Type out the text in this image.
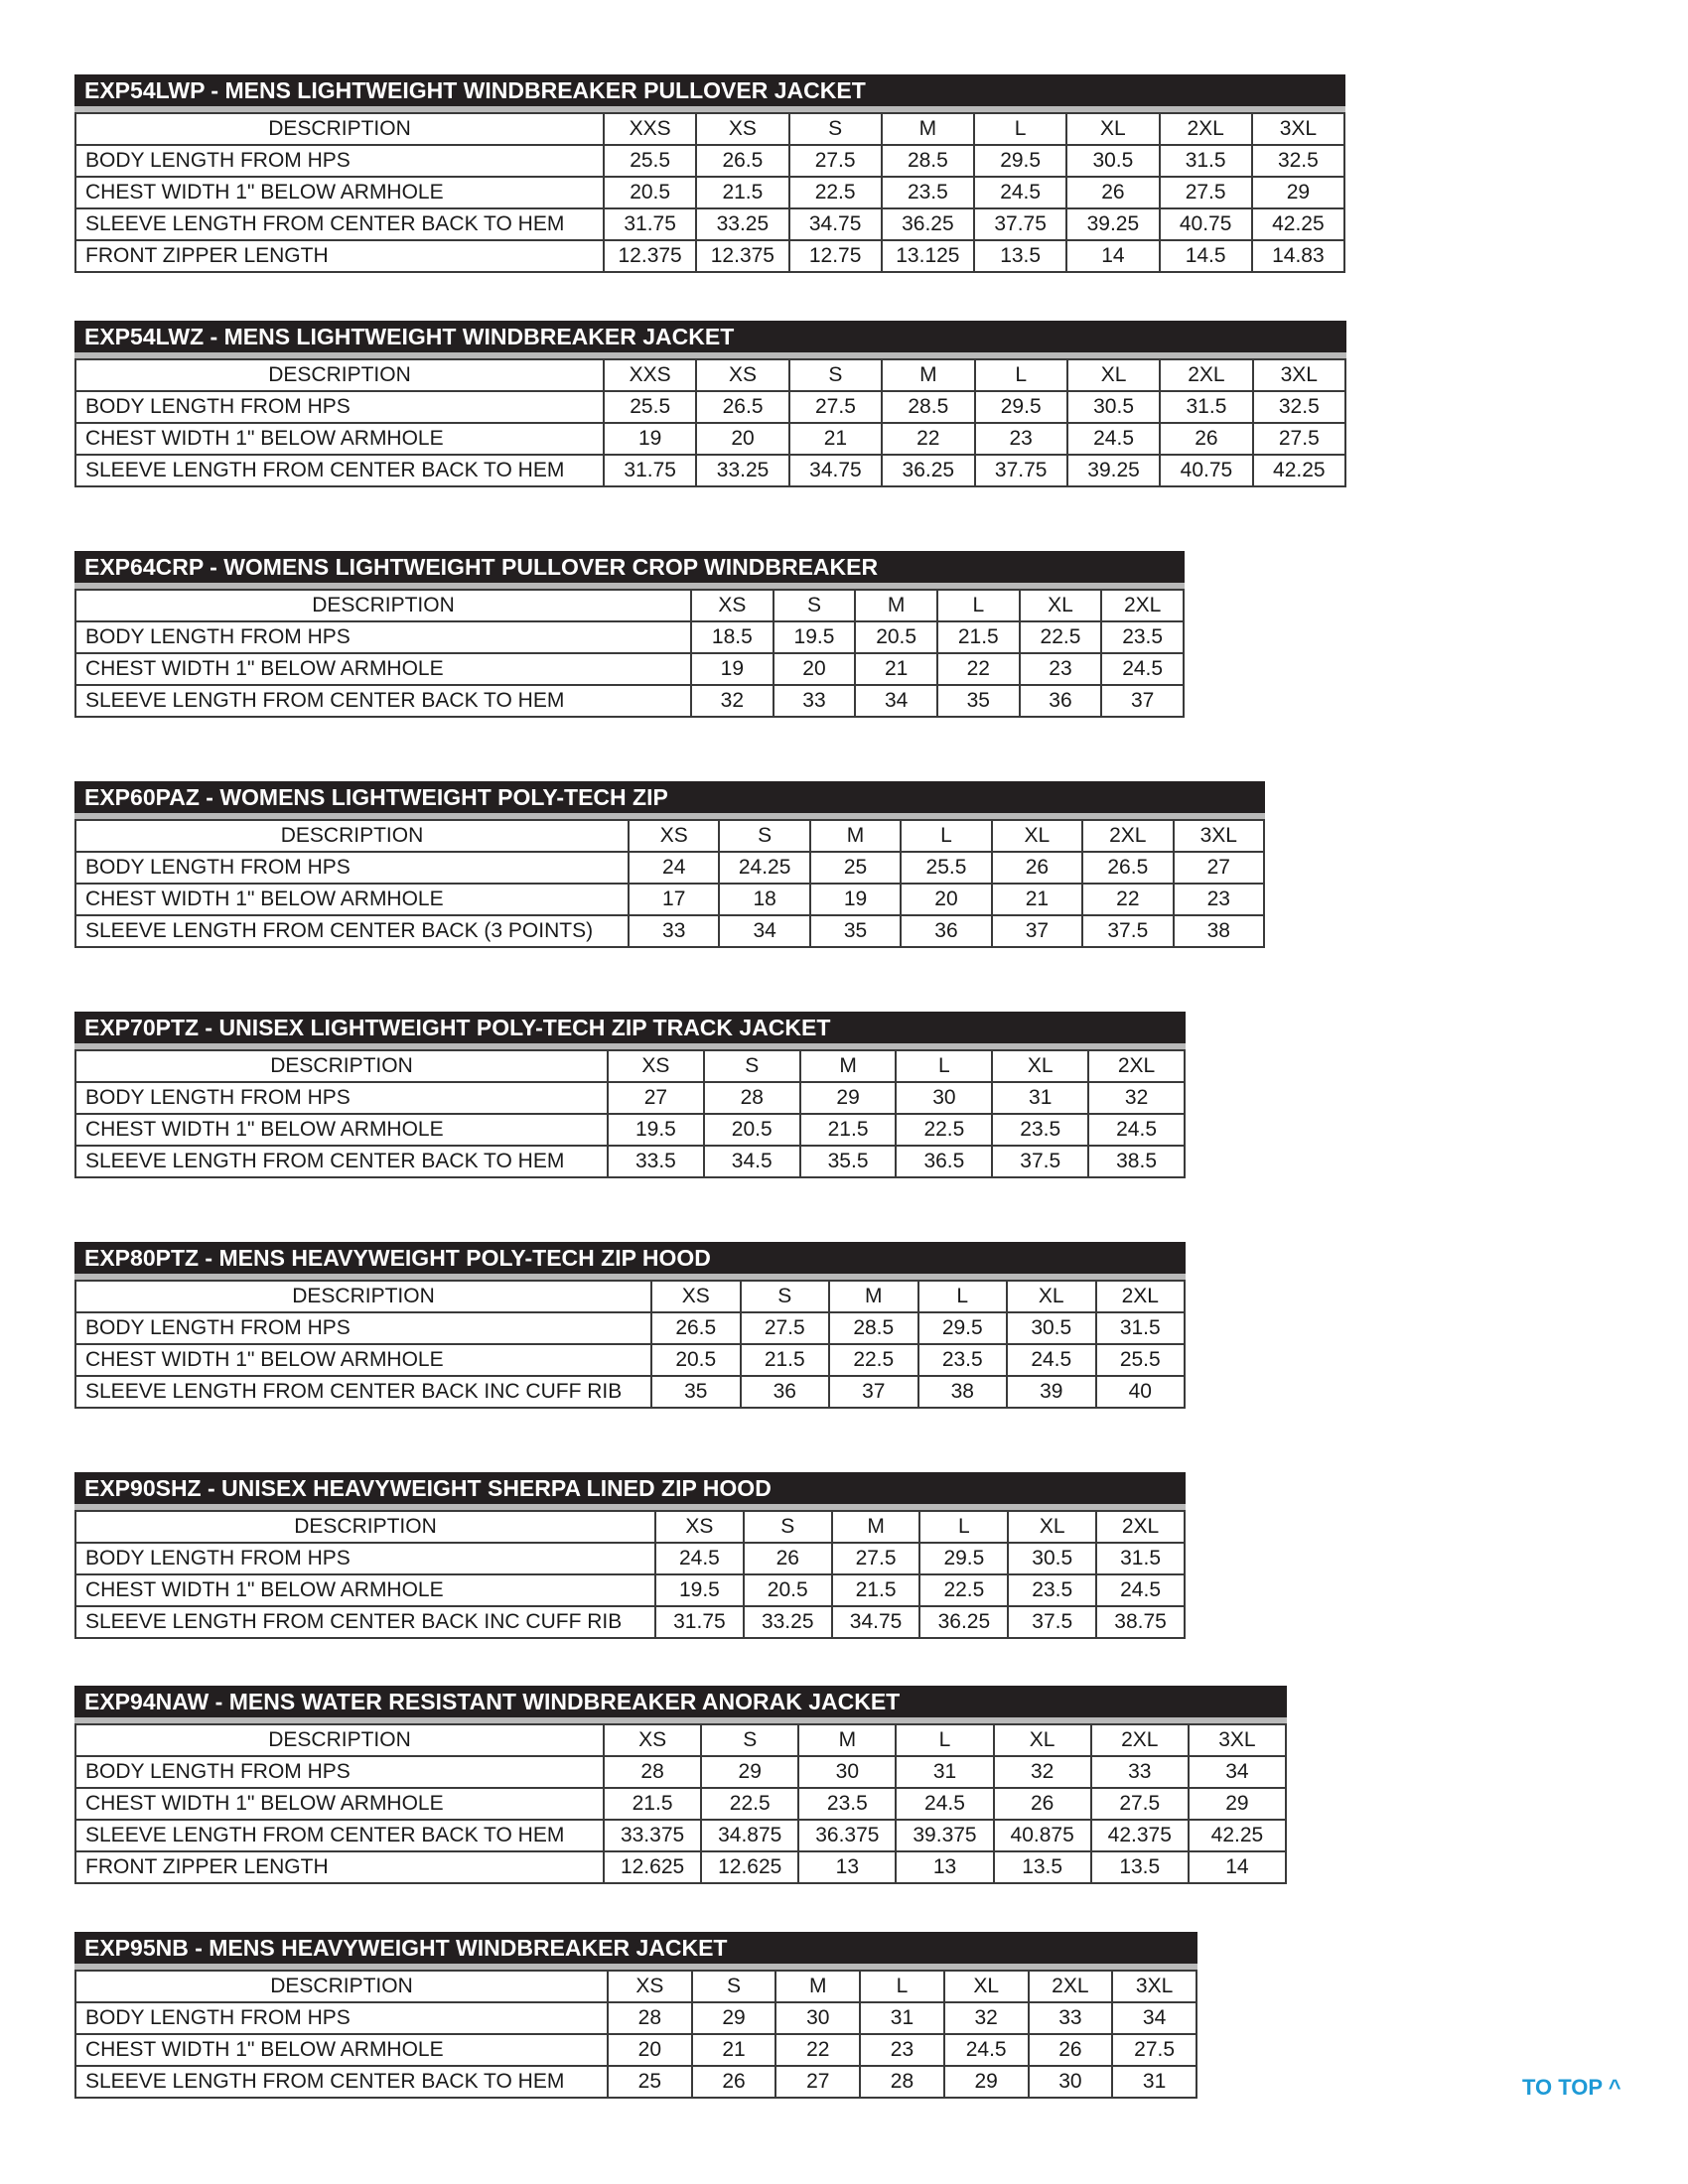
EXP54LWP - MENS LIGHTWEIGHT WINDBREAKER PULLOVER JACKET
DESCRIPTION	XXS	XS	S	M	L	XL	2XL	3XL
BODY LENGTH FROM HPS	25.5	26.5	27.5	28.5	29.5	30.5	31.5	32.5
CHEST WIDTH 1" BELOW ARMHOLE	20.5	21.5	22.5	23.5	24.5	26	27.5	29
SLEEVE LENGTH FROM CENTER BACK TO HEM	31.75	33.25	34.75	36.25	37.75	39.25	40.75	42.25
FRONT ZIPPER LENGTH	12.375	12.375	12.75	13.125	13.5	14	14.5	14.83
EXP54LWZ - MENS LIGHTWEIGHT WINDBREAKER JACKET
DESCRIPTION	XXS	XS	S	M	L	XL	2XL	3XL
BODY LENGTH FROM HPS	25.5	26.5	27.5	28.5	29.5	30.5	31.5	32.5
CHEST WIDTH 1" BELOW ARMHOLE	19	20	21	22	23	24.5	26	27.5
SLEEVE LENGTH FROM CENTER BACK TO HEM	31.75	33.25	34.75	36.25	37.75	39.25	40.75	42.25
EXP64CRP - WOMENS LIGHTWEIGHT PULLOVER CROP WINDBREAKER
DESCRIPTION	XS	S	M	L	XL	2XL
BODY LENGTH FROM HPS	18.5	19.5	20.5	21.5	22.5	23.5
CHEST WIDTH 1" BELOW ARMHOLE	19	20	21	22	23	24.5
SLEEVE LENGTH FROM CENTER BACK TO HEM	32	33	34	35	36	37
EXP60PAZ - WOMENS LIGHTWEIGHT POLY-TECH ZIP
DESCRIPTION	XS	S	M	L	XL	2XL	3XL
BODY LENGTH FROM HPS	24	24.25	25	25.5	26	26.5	27
CHEST WIDTH 1" BELOW ARMHOLE	17	18	19	20	21	22	23
SLEEVE LENGTH FROM CENTER BACK (3 POINTS)	33	34	35	36	37	37.5	38
EXP70PTZ - UNISEX LIGHTWEIGHT POLY-TECH ZIP TRACK JACKET
DESCRIPTION	XS	S	M	L	XL	2XL
BODY LENGTH FROM HPS	27	28	29	30	31	32
CHEST WIDTH 1" BELOW ARMHOLE	19.5	20.5	21.5	22.5	23.5	24.5
SLEEVE LENGTH FROM CENTER BACK TO HEM	33.5	34.5	35.5	36.5	37.5	38.5
EXP80PTZ - MENS HEAVYWEIGHT POLY-TECH ZIP HOOD
DESCRIPTION	XS	S	M	L	XL	2XL
BODY LENGTH FROM HPS	26.5	27.5	28.5	29.5	30.5	31.5
CHEST WIDTH 1" BELOW ARMHOLE	20.5	21.5	22.5	23.5	24.5	25.5
SLEEVE LENGTH FROM CENTER BACK INC CUFF RIB	35	36	37	38	39	40
EXP90SHZ - UNISEX HEAVYWEIGHT SHERPA LINED ZIP HOOD
DESCRIPTION	XS	S	M	L	XL	2XL
BODY LENGTH FROM HPS	24.5	26	27.5	29.5	30.5	31.5
CHEST WIDTH 1" BELOW ARMHOLE	19.5	20.5	21.5	22.5	23.5	24.5
SLEEVE LENGTH FROM CENTER BACK INC CUFF RIB	31.75	33.25	34.75	36.25	37.5	38.75
EXP94NAW - MENS WATER RESISTANT WINDBREAKER ANORAK JACKET
DESCRIPTION	XS	S	M	L	XL	2XL	3XL
BODY LENGTH FROM HPS	28	29	30	31	32	33	34
CHEST WIDTH 1" BELOW ARMHOLE	21.5	22.5	23.5	24.5	26	27.5	29
SLEEVE LENGTH FROM CENTER BACK TO HEM	33.375	34.875	36.375	39.375	40.875	42.375	42.25
FRONT ZIPPER LENGTH	12.625	12.625	13	13	13.5	13.5	14
EXP95NB - MENS HEAVYWEIGHT WINDBREAKER JACKET
DESCRIPTION	XS	S	M	L	XL	2XL	3XL
BODY LENGTH FROM HPS	28	29	30	31	32	33	34
CHEST WIDTH 1" BELOW ARMHOLE	20	21	22	23	24.5	26	27.5
SLEEVE LENGTH FROM CENTER BACK TO HEM	25	26	27	28	29	30	31	TO TOP ^
